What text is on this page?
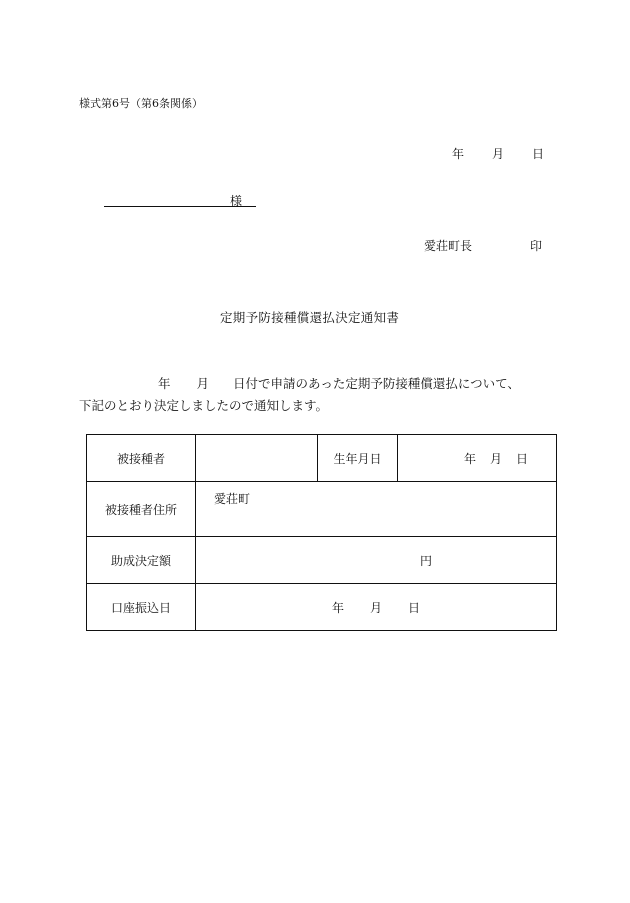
様式第6号（第6条関係）
年 月 日
様
愛荘町長	印
定期予防接種償還払決定通知書
年 月 日付で申請のあった定期予防接種償還払について、
下記のとおり決定しましたので通知します。
被接種者		生年月日	年 月 日
被接種者住所	愛荘町		
助成決定額	円		
口座振込日	年 月 日		
